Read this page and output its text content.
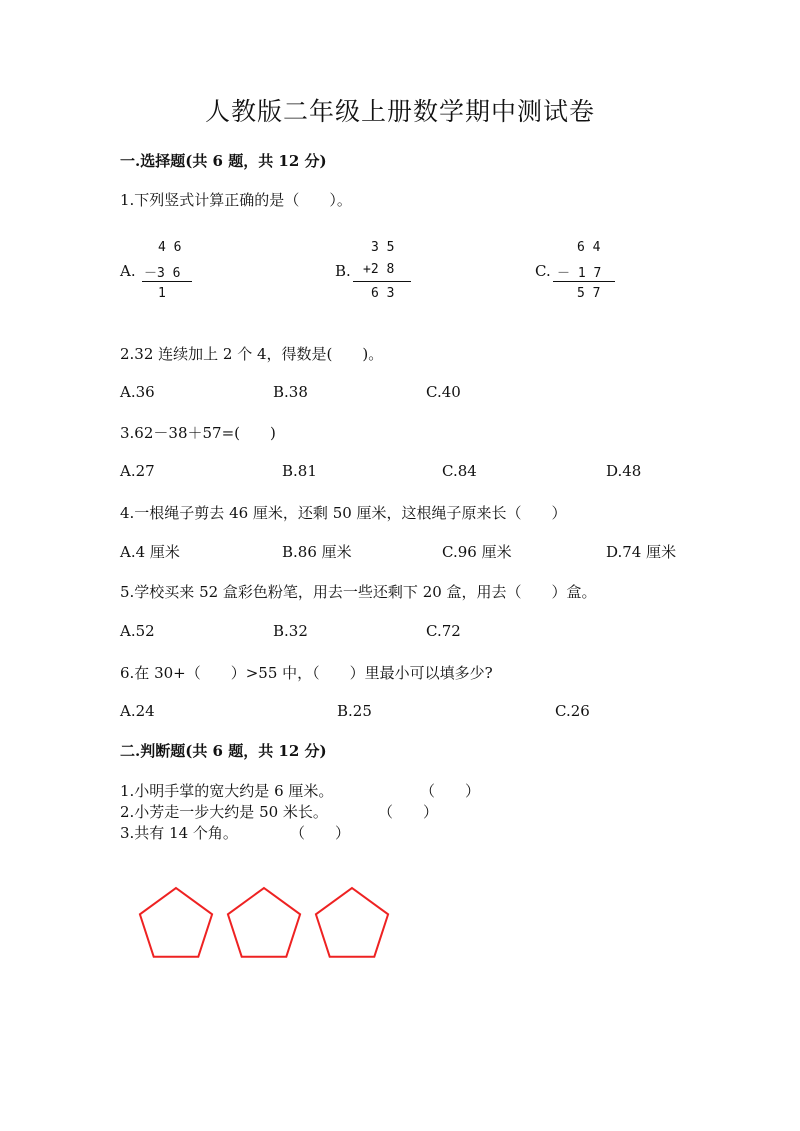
人教版二年级上册数学期中测试卷
一.选择题(共 6 题，共 12 分)
1.下列竖式计算正确的是（　　）。
A.
4 6
－3 6
1
B.
3 5
+2 8
6 3
C.
6 4
－ 1 7
5 7
2.32 连续加上 2 个 4，得数是(　　)。
A.36	B.38	C.40
3.62－38＋57=(　　)
A.27	B.81	C.84	D.48
4.一根绳子剪去 46 厘米，还剩 50 厘米，这根绳子原来长（　　）
A.4 厘米	B.86 厘米	C.96 厘米	D.74 厘米
5.学校买来 52 盒彩色粉笔，用去一些还剩下 20 盒，用去（　　）盒。
A.52	B.32	C.72
6.在 30+（　　）>55 中，（　　）里最小可以填多少?
A.24	B.25	C.26
二.判断题(共 6 题，共 12 分)
1.小明手掌的宽大约是 6 厘米。	（　　）
2.小芳走一步大约是 50 米长。	（　　）
3.共有 14 个角。	（　　）
